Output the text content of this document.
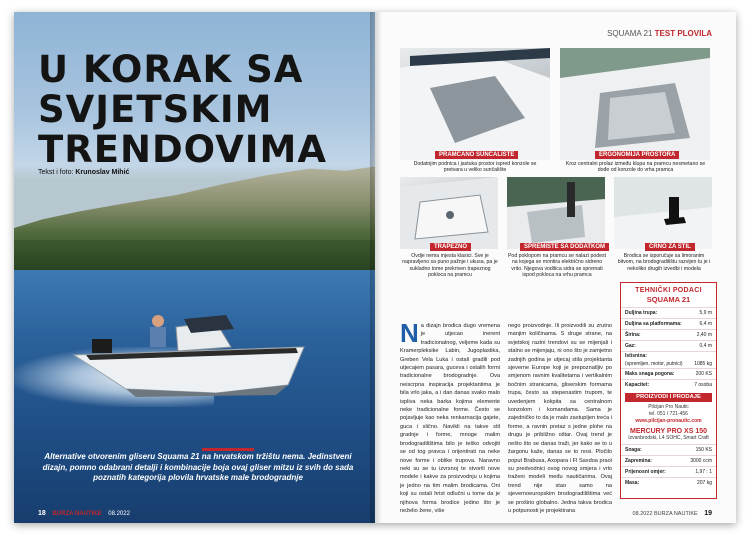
U KORAK SA
SVJETSKIM
TRENDOVIMA
Tekst i foto: Krunoslav Mihić
Alternative otvorenim gliseru Squama 21 na hrvatskom tržištu nema. Jedinstveni dizajn, pomno odabrani detalji i kombinacije boja ovaj gliser mitzu iz svih do sada poznatih kategorija plovila hrvatske male brodogradnje
18 BURZA NAUTIKE 08.2022
SQUAMA 21 TEST PLOVILA
PRAMČANO SUNČALIŠTE
Dodatnjim podnica i jastuka prostor ispred konzole se pretvara u veliko sunčalište
ERGONOMIJA PROSTORA
Kroz centralni prolaz između klupa na pramcu nesmetano se dođe od konzole do vrha pramca
TRAPEZNO
Ovdje nema mjesta klasici. Sve je napravljeno sa puno pažnje i ukusa, pa je sukladno tome prekriven trapeznog pokloca na pramcu
SPREMIŠTE SA DODATKOM
Pod poklopom na pramcu se nalazi podest na kojega se montira električno sidreno vrito. Njegova vodilica sidra se spremati ispod pokloca na vrhu pramca
CRNO ZA STIL
Brodica se isporučuje sa limoranim bitvom, na brodogradilištu razvijen tu je i nekoliko drugih izvedbi i modela
N a dizajn brodica dugo vremena je utjecao inerent tradicionalnog, veljeme kada su Kramerpleksike Labin, Jugoplastika, Greben Vela Luka i ostali gradili pod utjecajem pasara, guceva i ostalih formi tradicionalne brodogradnje. Ova neiscrpna inspiracija projektantima je bila vrlo jaka, a i dan danas svako malo ispliva neka barka kojima elemente neke tradicionalne forme. Često se pojavljuje kao neka renkarnacija gajete, guca i slično. Navikli na takve stil gradnje i forme, mnoge malim brodogradilištima bilo je teško odvojiti se od tog pravca i orijentirati na neke nove forme i oblike trupova. Naravno neki su se tu izvrsnoj te stvorili nove modele i kakve za proizvodnju u kojima je jedno na tim malim brodicama. Oni koji su ostali hrist odlučni u tome da je njihova forma brodice jedino što je neželio žene, više
nego proizvodnje. Ili proizvodili su zrutno manjim količinama. S druge strane, na svjetskoj razini trendovi su se mijenjali i stalno se mijenjaju, ni ono što je zamjetno zadnjih godina je utjecaj stila projektanta sjeverne Europe koji je prepoznatljiv po smjenom ravnim kvalitetama i vertikalnim bočnim stranicama, gliserskim formama trupa, često sa stepenastim trupom, te uvedenjem kokpita sa centralnom konzolom i komandama. Sama je zajedničko to da je malo zastupljen treća i forme, a ravnin pretaz s jedne plohe na drugu je približno oštar. Ovaj trend je nešto što se danas traži, jer kako se to u žargonu kaže, danas se to nosi. Pločilo poput Brabusa, Axopara i Fl Saxdoa praoi su predvodnici ovog novog smjera i vrlo traženi modeli među nautičarima. Ovaj trend nije stao samo na sjevernoeuropskim brodogradilištima već se proširio globalno. Jedna takva brodica u potpunosti je projektirana
TEHNIČKI PODACI
SQUAMA 21
Duljina trupa:	5,9 m
Duljina sa platformama:	6,4 m
Širina:	2,40 m
Gaz:	0,4 m
Istisnina:
(spremljen, motor, putnici) 1085 kg
Maks snaga pogona:	200 KS
Kapacitet:	7 osoba
PROIZVODI I PRODAJE
Pilcijan Pro Nautic
tel. 051 / 721-456
www.pilcijan-pronautic.com
MERCURY PRO XS 150
Izvanbrodski, L4 SOHC, Smart Craft
Snaga:	150 KS
Zapremina:	3000 ccm
Prijenosni omjer:	1,97 : 1
Masa:	207 kg
08.2022 BURZA NAUTIKE 19
